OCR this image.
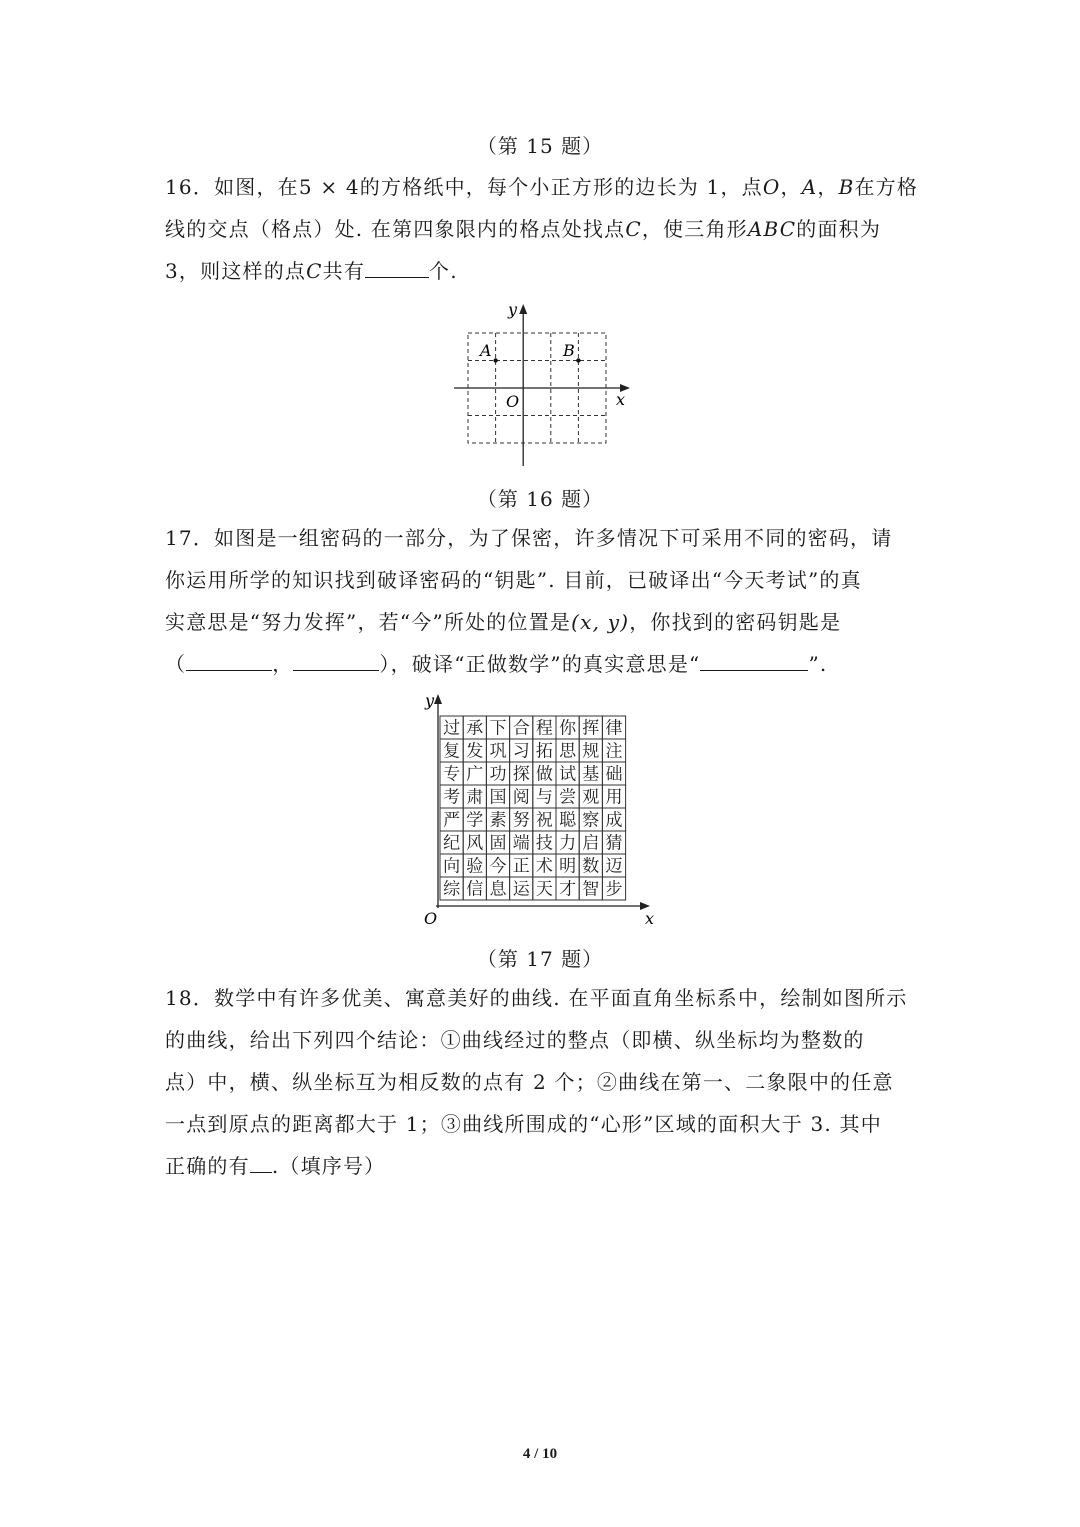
（第 15 题）
16．如图，在5 × 4的方格纸中，每个小正方形的边长为 1，点O，A，B在方格
线的交点（格点）处. 在第四象限内的格点处找点C，使三角形ABC的面积为
3，则这样的点C共有	个.
y
x
O
A	B
（第 16 题）
17．如图是一组密码的一部分，为了保密，许多情况下可采用不同的密码，请
你运用所学的知识找到破译密码的“钥匙”. 目前，已破译出“今天考试”的真
实意思是“努力发挥”，若“今”所处的位置是(x, y)，你找到的密码钥匙是
（	，	），破译“正做数学”的真实意思是“	”.
y
x
O
过 承 下 合 程 你 挥 律
复 发 巩 习 拓 思 规 注
专 广 功 探 做 试 基 础
考 肃 国 阅 与 尝 观 用
严 学 素 努 祝 聪 察 成
纪 风 固 端 技 力 启 猜
向 验 今 正 术 明 数 迈
综 信 息 运 天 才 智 步
（第 17 题）
18．数学中有许多优美、寓意美好的曲线. 在平面直角坐标系中，绘制如图所示
的曲线，给出下列四个结论：①曲线经过的整点（即横、纵坐标均为整数的
点）中，横、纵坐标互为相反数的点有 2 个；②曲线在第一、二象限中的任意
一点到原点的距离都大于 1；③曲线所围成的“心形”区域的面积大于 3. 其中
正确的有 .（填序号）
4 / 10
